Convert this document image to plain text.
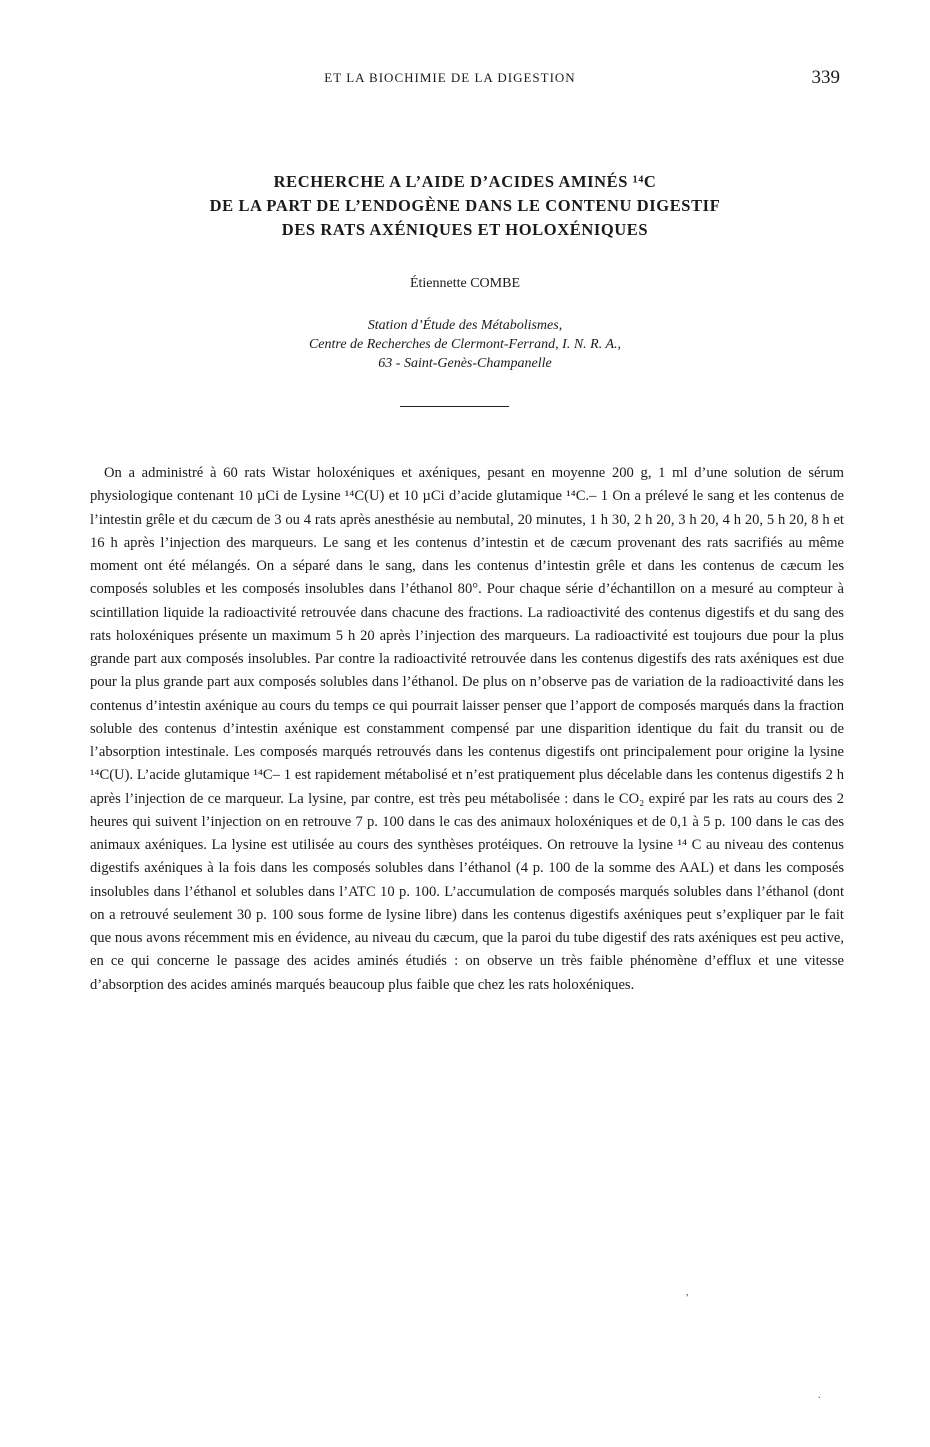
ET LA BIOCHIMIE DE LA DIGESTION	339
RECHERCHE A L’AIDE D’ACIDES AMINÉS ¹⁴C
DE LA PART DE L’ENDOGÈNE DANS LE CONTENU DIGESTIF
DES RATS AXÉNIQUES ET HOLOXÉNIQUES
Étiennette COMBE
Station d’Étude des Métabolismes,
Centre de Recherches de Clermont-Ferrand, I. N. R. A.,
63 - Saint-Genès-Champanelle

On a administré à 60 rats Wistar holoxéniques et axéniques, pesant en moyenne 200 g, 1 ml d’une solution de sérum physiologique contenant 10 µCi de Lysine ¹⁴C(U) et 10 µCi d’acide glutamique ¹⁴C.– 1 On a prélevé le sang et les contenus de l’intestin grêle et du cæcum de 3 ou 4 rats après anesthésie au nembutal, 20 minutes, 1 h 30, 2 h 20, 3 h 20, 4 h 20, 5 h 20, 8 h et 16 h après l’injection des marqueurs. Le sang et les contenus d’intestin et de cæcum provenant des rats sacrifiés au même moment ont été mélangés. On a séparé dans le sang, dans les contenus d’intestin grêle et dans les contenus de cæcum les composés solubles et les composés insolubles dans l’éthanol 80°. Pour chaque série d’échantillon on a mesuré au compteur à scintillation liquide la radioactivité retrouvée dans chacune des fractions. La radioactivité des contenus digestifs et du sang des rats holoxéniques présente un maximum 5 h 20 après l’injection des marqueurs. La radioactivité est toujours due pour la plus grande part aux composés insolubles. Par contre la radioactivité retrouvée dans les contenus digestifs des rats axéniques est due pour la plus grande part aux composés solubles dans l’éthanol. De plus on n’observe pas de variation de la radioactivité dans les contenus d’intestin axénique au cours du temps ce qui pourrait laisser penser que l’apport de composés marqués dans la fraction soluble des contenus d’intestin axénique est constamment compensé par une disparition identique du fait du transit ou de l’absorption intestinale. Les composés marqués retrouvés dans les contenus digestifs ont principalement pour origine la lysine ¹⁴C(U). L’acide glutamique ¹⁴C– 1 est rapidement métabolisé et n’est pratiquement plus décelable dans les contenus digestifs 2 h après l’injection de ce marqueur. La lysine, par contre, est très peu métabolisée : dans le CO₂ expiré par les rats au cours des 2 heures qui suivent l’injection on en retrouve 7 p. 100 dans le cas des animaux holoxéniques et de 0,1 à 5 p. 100 dans le cas des animaux axéniques. La lysine est utilisée au cours des synthèses protéiques. On retrouve la lysine ¹⁴ C au niveau des contenus digestifs axéniques à la fois dans les composés solubles dans l’éthanol (4 p. 100 de la somme des AAL) et dans les composés insolubles dans l’éthanol et solubles dans l’ATC 10 p. 100. L’accumulation de composés marqués solubles dans l’éthanol (dont on a retrouvé seulement 30 p. 100 sous forme de lysine libre) dans les contenus digestifs axéniques peut s’expliquer par le fait que nous avons récemment mis en évidence, au niveau du cæcum, que la paroi du tube digestif des rats axéniques est peu active, en ce qui concerne le passage des acides aminés étudiés : on observe un très faible phénomène d’efflux et une vitesse d’absorption des acides aminés marqués beaucoup plus faible que chez les rats holoxéniques.

,
.
